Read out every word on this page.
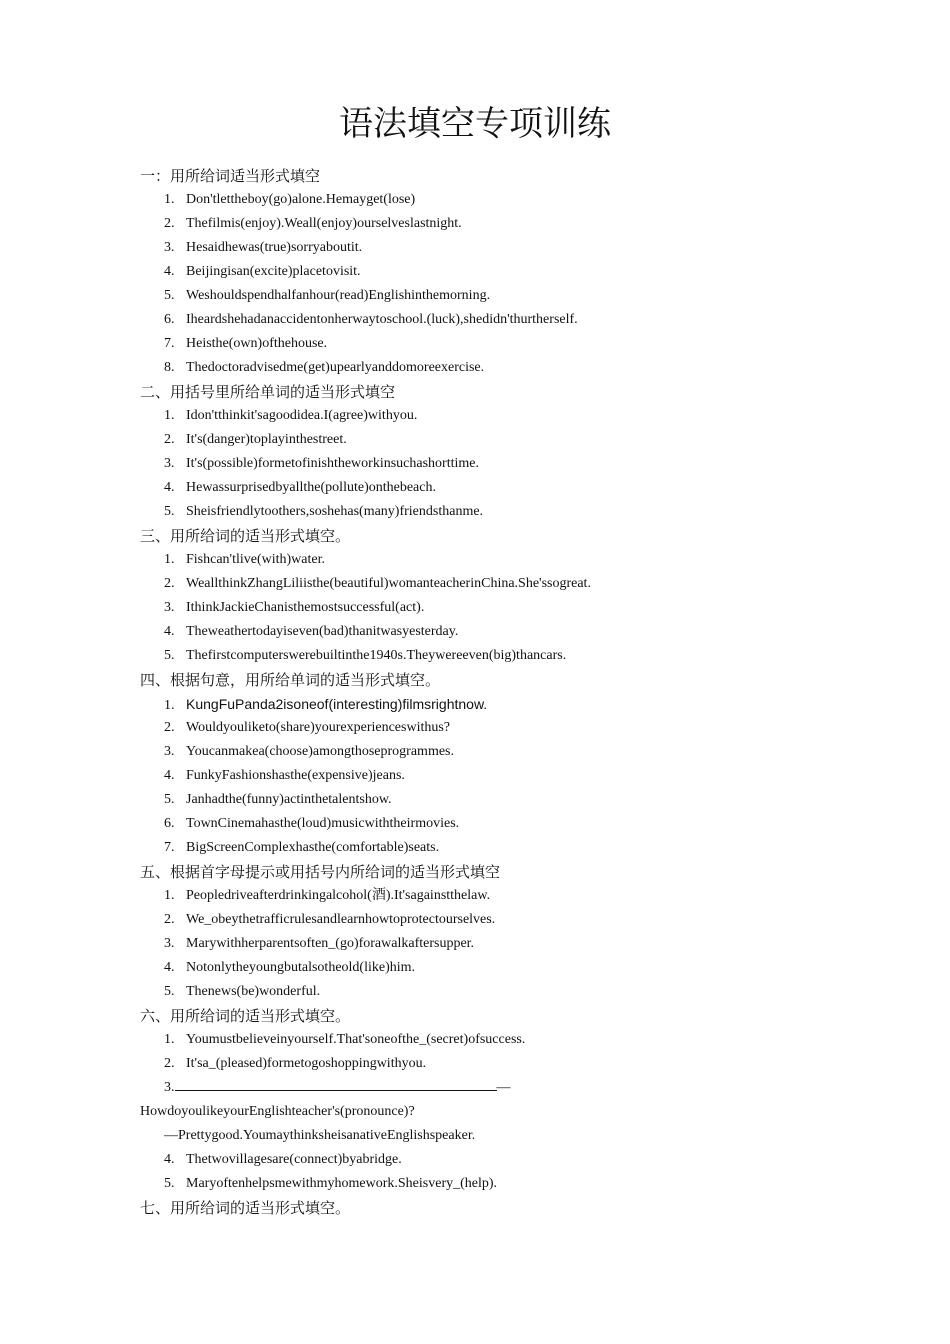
语法填空专项训练
一：用所给词适当形式填空
1. Don'tlettheboy(go)alone.Hemayget(lose)
2. Thefilmis(enjoy).Weall(enjoy)ourselveslastnight.
3. Hesaidhewas(true)sorryaboutit.
4. Beijingisan(excite)placetovisit.
5. Weshouldspendhalfanhour(read)Englishinthemorning.
6. Iheardshehadanaccidentonherwaytoschool.(luck),shedidn'thurtherself.
7. Heisthe(own)ofthehouse.
8. Thedoctoradvisedme(get)upearlyanddomoreexercise.
二、用括号里所给单词的适当形式填空
1. Idon'tthinkit'sagoodidea.I(agree)withyou.
2. It's(danger)toplayinthestreet.
3. It's(possible)formetofinishtheworkinsuchashorttime.
4. Hewassurprisedbyallthe(pollute)onthebeach.
5. Sheisfriendlytoothers,soshehas(many)friendsthanme.
三、用所给词的适当形式填空。
1. Fishcan'tlive(with)water.
2. WeallthinkZhangLiliisthe(beautiful)womanteacherinChina.She'ssogreat.
3. IthinkJackieChanisthemostsuccessful(act).
4. Theweathertodayiseven(bad)thanitwasyesterday.
5. Thefirstcomputerswerebuiltinthe1940s.Theywereeven(big)thancars.
四、根据句意，用所给单词的适当形式填空。
1. KungFuPanda2isoneof(interesting)filmsrightnow.
2. Wouldyouliketo(share)yourexperienceswithus?
3. Youcanmakea(choose)amongthoseprogrammes.
4. FunkyFashionshasthe(expensive)jeans.
5. Janhadthe(funny)actinthetalentshow.
6. TownCinemahasthe(loud)musicwiththeirmovies.
7. BigScreenComplexhasthe(comfortable)seats.
五、根据首字母提示或用括号内所给词的适当形式填空
1. Peopledriveafterdrinkingalcohol(酒).It'sagainstthelaw.
2. We_obeythetrafficrulesandlearnhowtoprotectourselves.
3. Marywithherparentsoften_(go)forawalkaftersupper.
4. Notonlytheyoungbutalsotheold(like)him.
5. Thenews(be)wonderful.
六、用所给词的适当形式填空。
1. Youmustbelieveinyourself.That'soneofthe_(secret)ofsuccess.
2. It'sa_(pleased)formetogoshoppingwithyou.
3.	—
HowdoyoulikeyourEnglishteacher's(pronounce)?
—Prettygood.YoumaythinksheisanativeEnglishspeaker.
4. Thetwovillagesare(connect)byabridge.
5. Maryoftenhelpsmewithmyhomework.Sheisvery_(help).
七、用所给词的适当形式填空。
